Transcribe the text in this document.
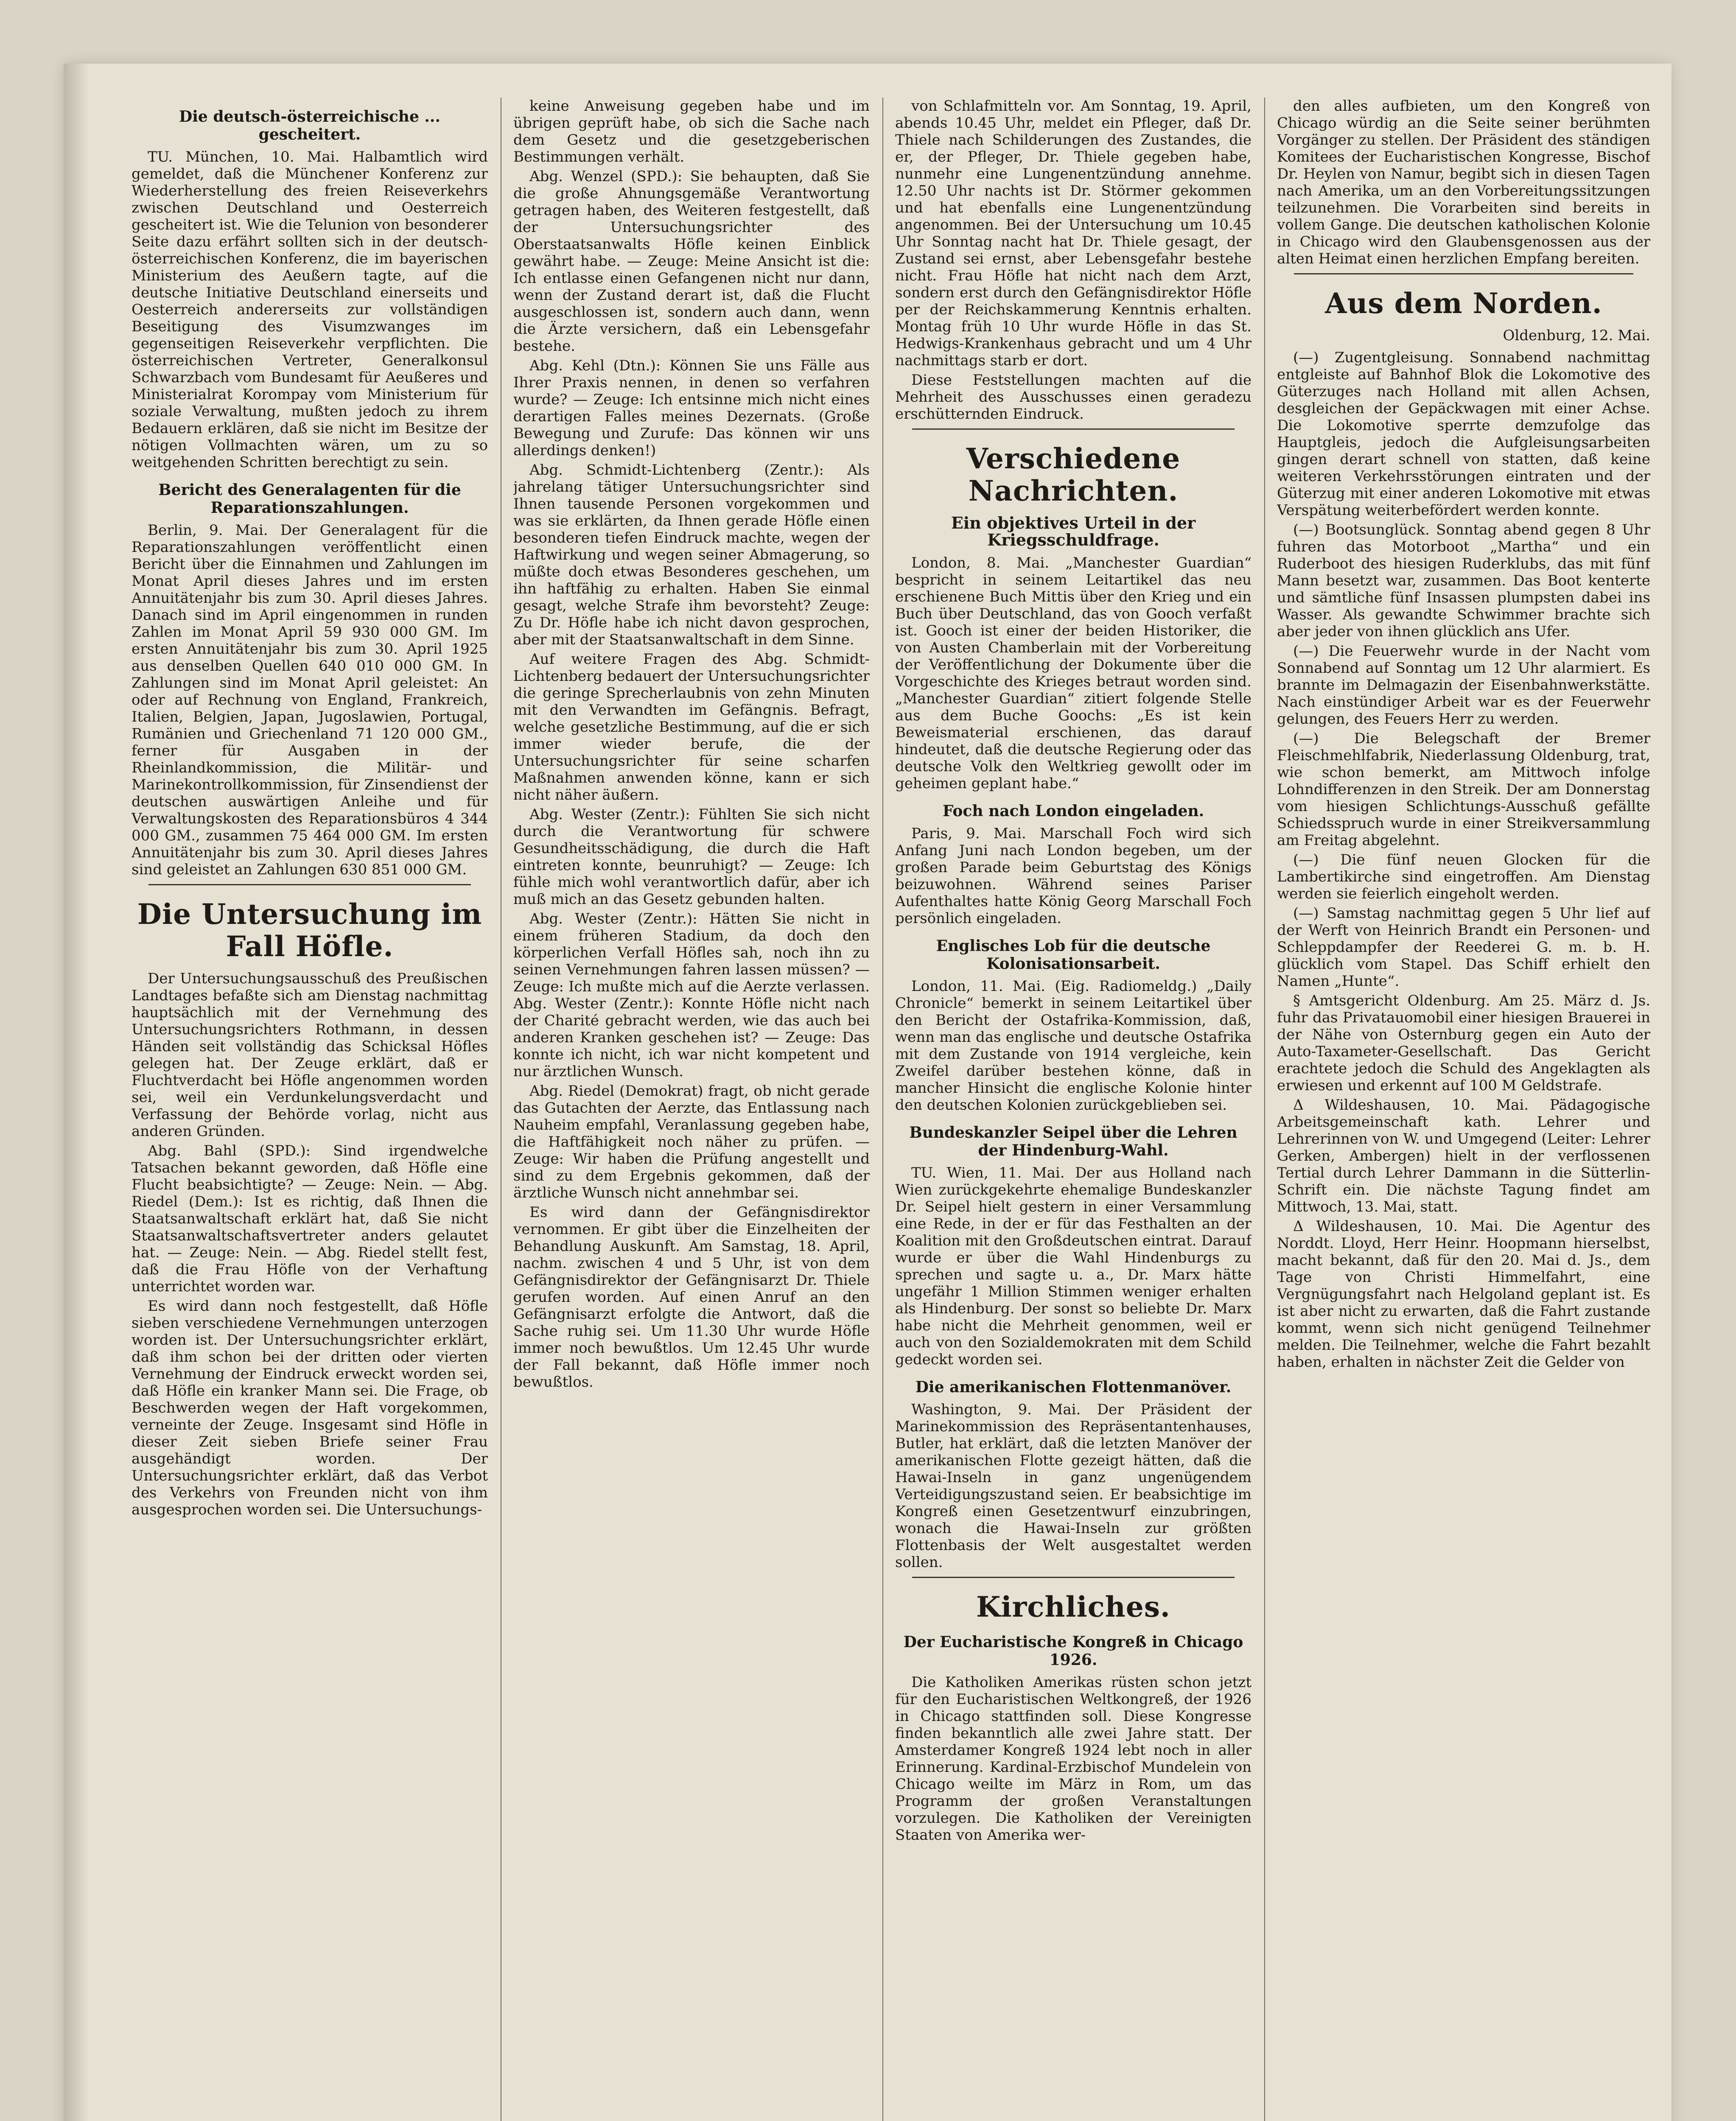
Die deutsch-österreichische ... gescheitert.

TU. München, 10. Mai. Halbamtlich wird gemeldet, daß die Münchener Konferenz zur Wiederherstellung des freien Reiseverkehrs zwischen Deutschland und Oesterreich gescheitert ist. Wie die Telunion von besonderer Seite dazu erfährt sollten sich in der deutsch-österreichischen Konferenz, die im bayerischen Ministerium des Aeußern tagte, auf die deutsche Initiative Deutschland einerseits und Oesterreich andererseits zur vollständigen Beseitigung des Visumzwanges im gegenseitigen Reiseverkehr verpflichten. Die österreichischen Vertreter, Generalkonsul Schwarzbach vom Bundesamt für Aeußeres und Ministerialrat Korompay vom Ministerium für soziale Verwaltung, mußten jedoch zu ihrem Bedauern erklären, daß sie nicht im Besitze der nötigen Vollmachten wären, um zu so weitgehenden Schritten berechtigt zu sein.

Bericht des Generalagenten für die Reparationszahlungen.

Berlin, 9. Mai. Der Generalagent für die Reparationszahlungen veröffentlicht einen Bericht über die Einnahmen und Zahlungen im Monat April dieses Jahres und im ersten Annuitätenjahr bis zum 30. April dieses Jahres. Danach sind im April eingenommen in runden Zahlen im Monat April 59 930 000 GM. Im ersten Annuitätenjahr bis zum 30. April 1925 aus denselben Quellen 640 010 000 GM. In Zahlungen sind im Monat April geleistet: An oder auf Rechnung von England, Frankreich, Italien, Belgien, Japan, Jugoslawien, Portugal, Rumänien und Griechenland 71 120 000 GM., ferner für Ausgaben in der Rheinlandkommission, die Militär- und Marinekontrollkommission, für Zinsendienst der deutschen auswärtigen Anleihe und für Verwaltungskosten des Reparationsbüros 4 344 000 GM., zusammen 75 464 000 GM. Im ersten Annuitätenjahr bis zum 30. April dieses Jahres sind geleistet an Zahlungen 630 851 000 GM.

Die Untersuchung im Fall Höfle.

Der Untersuchungsausschuß des Preußischen Landtages befaßte sich am Dienstag nachmittag hauptsächlich mit der Vernehmung des Untersuchungsrichters Rothmann, in dessen Händen seit vollständig das Schicksal Höfles gelegen hat. Der Zeuge erklärt, daß er Fluchtverdacht bei Höfle angenommen worden sei, weil ein Verdunkelungsverdacht und Verfassung der Behörde vorlag, nicht aus anderen Gründen.

Abg. Bahl (SPD.): Sind irgendwelche Tatsachen bekannt geworden, daß Höfle eine Flucht beabsichtigte? — Zeuge: Nein. — Abg. Riedel (Dem.): Ist es richtig, daß Ihnen die Staatsanwaltschaft erklärt hat, daß Sie nicht Staatsanwaltschaftsvertreter anders gelautet hat. — Zeuge: Nein. — Abg. Riedel stellt fest, daß die Frau Höfle von der Verhaftung unterrichtet worden war.

Es wird dann noch festgestellt, daß Höfle sieben verschiedene Vernehmungen unterzogen worden ist. Der Untersuchungsrichter erklärt, daß ihm schon bei der dritten oder vierten Vernehmung der Eindruck erweckt worden sei, daß Höfle ein kranker Mann sei. Die Frage, ob Beschwerden wegen der Haft vorgekommen, verneinte der Zeuge. Insgesamt sind Höfle in dieser Zeit sieben Briefe seiner Frau ausgehändigt worden. Der Untersuchungsrichter erklärt, daß das Verbot des Verkehrs von Freunden nicht von ihm ausgesprochen worden sei. Die Untersuchungs-

keine Anweisung gegeben habe und im übrigen geprüft habe, ob sich die Sache nach dem Gesetz und die gesetzgeberischen Bestimmungen verhält.

Abg. Wenzel (SPD.): Sie behaupten, daß Sie die große Ahnungsgemäße Verantwortung getragen haben, des Weiteren festgestellt, daß der Untersuchungsrichter des Oberstaatsanwalts Höfle keinen Einblick gewährt habe. — Zeuge: Meine Ansicht ist die: Ich entlasse einen Gefangenen nicht nur dann, wenn der Zustand derart ist, daß die Flucht ausgeschlossen ist, sondern auch dann, wenn die Ärzte versichern, daß ein Lebensgefahr bestehe.

Abg. Kehl (Dtn.): Können Sie uns Fälle aus Ihrer Praxis nennen, in denen so verfahren wurde? — Zeuge: Ich entsinne mich nicht eines derartigen Falles meines Dezernats. (Große Bewegung und Zurufe: Das können wir uns allerdings denken!)

Abg. Schmidt-Lichtenberg (Zentr.): Als jahrelang tätiger Untersuchungsrichter sind Ihnen tausende Personen vorgekommen und was sie erklärten, da Ihnen gerade Höfle einen besonderen tiefen Eindruck machte, wegen der Haftwirkung und wegen seiner Abmagerung, so müßte doch etwas Besonderes geschehen, um ihn haftfähig zu erhalten. Haben Sie einmal gesagt, welche Strafe ihm bevorsteht? Zeuge: Zu Dr. Höfle habe ich nicht davon gesprochen, aber mit der Staatsanwaltschaft in dem Sinne.

Auf weitere Fragen des Abg. Schmidt-Lichtenberg bedauert der Untersuchungsrichter die geringe Sprecherlaubnis von zehn Minuten mit den Verwandten im Gefängnis. Befragt, welche gesetzliche Bestimmung, auf die er sich immer wieder berufe, die der Untersuchungsrichter für seine scharfen Maßnahmen anwenden könne, kann er sich nicht näher äußern.

Abg. Wester (Zentr.): Fühlten Sie sich nicht durch die Verantwortung für schwere Gesundheitsschädigung, die durch die Haft eintreten konnte, beunruhigt? — Zeuge: Ich fühle mich wohl verantwortlich dafür, aber ich muß mich an das Gesetz gebunden halten.

Abg. Wester (Zentr.): Hätten Sie nicht in einem früheren Stadium, da doch den körperlichen Verfall Höfles sah, noch ihn zu seinen Vernehmungen fahren lassen müssen? — Zeuge: Ich mußte mich auf die Aerzte verlassen. Abg. Wester (Zentr.): Konnte Höfle nicht nach der Charité gebracht werden, wie das auch bei anderen Kranken geschehen ist? — Zeuge: Das konnte ich nicht, ich war nicht kompetent und nur ärztlichen Wunsch.

Abg. Riedel (Demokrat) fragt, ob nicht gerade das Gutachten der Aerzte, das Entlassung nach Nauheim empfahl, Veranlassung gegeben habe, die Haftfähigkeit noch näher zu prüfen. — Zeuge: Wir haben die Prüfung angestellt und sind zu dem Ergebnis gekommen, daß der ärztliche Wunsch nicht annehmbar sei.

Es wird dann der Gefängnisdirektor vernommen. Er gibt über die Einzelheiten der Behandlung Auskunft. Am Samstag, 18. April, nachm. zwischen 4 und 5 Uhr, ist von dem Gefängnisdirektor der Gefängnisarzt Dr. Thiele gerufen worden. Auf einen Anruf an den Gefängnisarzt erfolgte die Antwort, daß die Sache ruhig sei. Um 11.30 Uhr wurde Höfle immer noch bewußtlos. Um 12.45 Uhr wurde der Fall bekannt, daß Höfle immer noch bewußtlos.

von Schlafmitteln vor. Am Sonntag, 19. April, abends 10.45 Uhr, meldet ein Pfleger, daß Dr. Thiele nach Schilderungen des Zustandes, die er, der Pfleger, Dr. Thiele gegeben habe, nunmehr eine Lungenentzündung annehme. 12.50 Uhr nachts ist Dr. Störmer gekommen und hat ebenfalls eine Lungenentzündung angenommen. Bei der Untersuchung um 10.45 Uhr Sonntag nacht hat Dr. Thiele gesagt, der Zustand sei ernst, aber Lebensgefahr bestehe nicht. Frau Höfle hat nicht nach dem Arzt, sondern erst durch den Gefängnisdirektor Höfle per der Reichskammerung Kenntnis erhalten. Montag früh 10 Uhr wurde Höfle in das St. Hedwigs-Krankenhaus gebracht und um 4 Uhr nachmittags starb er dort.

Diese Feststellungen machten auf die Mehrheit des Ausschusses einen geradezu erschütternden Eindruck.

Verschiedene Nachrichten.
Ein objektives Urteil in der Kriegsschuldfrage.

London, 8. Mai. „Manchester Guardian“ bespricht in seinem Leitartikel das neu erschienene Buch Mittis über den Krieg und ein Buch über Deutschland, das von Gooch verfaßt ist. Gooch ist einer der beiden Historiker, die von Austen Chamberlain mit der Vorbereitung der Veröffentlichung der Dokumente über die Vorgeschichte des Krieges betraut worden sind. „Manchester Guardian“ zitiert folgende Stelle aus dem Buche Goochs: „Es ist kein Beweismaterial erschienen, das darauf hindeutet, daß die deutsche Regierung oder das deutsche Volk den Weltkrieg gewollt oder im geheimen geplant habe.“

Foch nach London eingeladen.

Paris, 9. Mai. Marschall Foch wird sich Anfang Juni nach London begeben, um der großen Parade beim Geburtstag des Königs beizuwohnen. Während seines Pariser Aufenthaltes hatte König Georg Marschall Foch persönlich eingeladen.

Englisches Lob für die deutsche Kolonisationsarbeit.

London, 11. Mai. (Eig. Radiomeldg.) „Daily Chronicle“ bemerkt in seinem Leitartikel über den Bericht der Ostafrika-Kommission, daß, wenn man das englische und deutsche Ostafrika mit dem Zustande von 1914 vergleiche, kein Zweifel darüber bestehen könne, daß in mancher Hinsicht die englische Kolonie hinter den deutschen Kolonien zurückgeblieben sei.

Bundeskanzler Seipel über die Lehren der Hindenburg-Wahl.

TU. Wien, 11. Mai. Der aus Holland nach Wien zurückgekehrte ehemalige Bundeskanzler Dr. Seipel hielt gestern in einer Versammlung eine Rede, in der er für das Festhalten an der Koalition mit den Großdeutschen eintrat. Darauf wurde er über die Wahl Hindenburgs zu sprechen und sagte u. a., Dr. Marx hätte ungefähr 1 Million Stimmen weniger erhalten als Hindenburg. Der sonst so beliebte Dr. Marx habe nicht die Mehrheit genommen, weil er auch von den Sozialdemokraten mit dem Schild gedeckt worden sei.

Die amerikanischen Flottenmanöver.

Washington, 9. Mai. Der Präsident der Marinekommission des Repräsentantenhauses, Butler, hat erklärt, daß die letzten Manöver der amerikanischen Flotte gezeigt hätten, daß die Hawai-Inseln in ganz ungenügendem Verteidigungszustand seien. Er beabsichtige im Kongreß einen Gesetzentwurf einzubringen, wonach die Hawai-Inseln zur größten Flottenbasis der Welt ausgestaltet werden sollen.

Kirchliches.

Der Eucharistische Kongreß in Chicago 1926.

Die Katholiken Amerikas rüsten schon jetzt für den Eucharistischen Weltkongreß, der 1926 in Chicago stattfinden soll. Diese Kongresse finden bekanntlich alle zwei Jahre statt. Der Amsterdamer Kongreß 1924 lebt noch in aller Erinnerung. Kardinal-Erzbischof Mundelein von Chicago weilte im März in Rom, um das Programm der großen Veranstaltungen vorzulegen. Die Katholiken der Vereinigten Staaten von Amerika wer-

den alles aufbieten, um den Kongreß von Chicago würdig an die Seite seiner berühmten Vorgänger zu stellen. Der Präsident des ständigen Komitees der Eucharistischen Kongresse, Bischof Dr. Heylen von Namur, begibt sich in diesen Tagen nach Amerika, um an den Vorbereitungssitzungen teilzunehmen. Die Vorarbeiten sind bereits in vollem Gange. Die deutschen katholischen Kolonie in Chicago wird den Glaubensgenossen aus der alten Heimat einen herzlichen Empfang bereiten.

Aus dem Norden.

Oldenburg, 12. Mai.

(—) Zugentgleisung. Sonnabend nachmittag entgleiste auf Bahnhof Blok die Lokomotive des Güterzuges nach Holland mit allen Achsen, desgleichen der Gepäckwagen mit einer Achse. Die Lokomotive sperrte demzufolge das Hauptgleis, jedoch die Aufgleisungsarbeiten gingen derart schnell von statten, daß keine weiteren Verkehrsstörungen eintraten und der Güterzug mit einer anderen Lokomotive mit etwas Verspätung weiterbefördert werden konnte.

(—) Bootsunglück. Sonntag abend gegen 8 Uhr fuhren das Motorboot „Martha“ und ein Ruderboot des hiesigen Ruderklubs, das mit fünf Mann besetzt war, zusammen. Das Boot kenterte und sämtliche fünf Insassen plumpsten dabei ins Wasser. Als gewandte Schwimmer brachte sich aber jeder von ihnen glücklich ans Ufer.

(—) Die Feuerwehr wurde in der Nacht vom Sonnabend auf Sonntag um 12 Uhr alarmiert. Es brannte im Delmagazin der Eisenbahnwerkstätte. Nach einstündiger Arbeit war es der Feuerwehr gelungen, des Feuers Herr zu werden.

(—) Die Belegschaft der Bremer Fleischmehlfabrik, Niederlassung Oldenburg, trat, wie schon bemerkt, am Mittwoch infolge Lohndifferenzen in den Streik. Der am Donnerstag vom hiesigen Schlichtungs-Ausschuß gefällte Schiedsspruch wurde in einer Streikversammlung am Freitag abgelehnt.

(—) Die fünf neuen Glocken für die Lambertikirche sind eingetroffen. Am Dienstag werden sie feierlich eingeholt werden.

(—) Samstag nachmittag gegen 5 Uhr lief auf der Werft von Heinrich Brandt ein Personen- und Schleppdampfer der Reederei G. m. b. H. glücklich vom Stapel. Das Schiff erhielt den Namen „Hunte“.

§ Amtsgericht Oldenburg. Am 25. März d. Js. fuhr das Privatauomobil einer hiesigen Brauerei in der Nähe von Osternburg gegen ein Auto der Auto-Taxameter-Gesellschaft. Das Gericht erachtete jedoch die Schuld des Angeklagten als erwiesen und erkennt auf 100 M Geldstrafe.

Δ Wildeshausen, 10. Mai. Pädagogische Arbeitsgemeinschaft kath. Lehrer und Lehrerinnen von W. und Umgegend (Leiter: Lehrer Gerken, Ambergen) hielt in der verflossenen Tertial durch Lehrer Dammann in die Sütterlin-Schrift ein. Die nächste Tagung findet am Mittwoch, 13. Mai, statt.

Δ Wildeshausen, 10. Mai. Die Agentur des Norddt. Lloyd, Herr Heinr. Hoopmann hierselbst, macht bekannt, daß für den 20. Mai d. Js., dem Tage von Christi Himmelfahrt, eine Vergnügungsfahrt nach Helgoland geplant ist. Es ist aber nicht zu erwarten, daß die Fahrt zustande kommt, wenn sich nicht genügend Teilnehmer melden. Die Teilnehmer, welche die Fahrt bezahlt haben, erhalten in nächster Zeit die Gelder von
